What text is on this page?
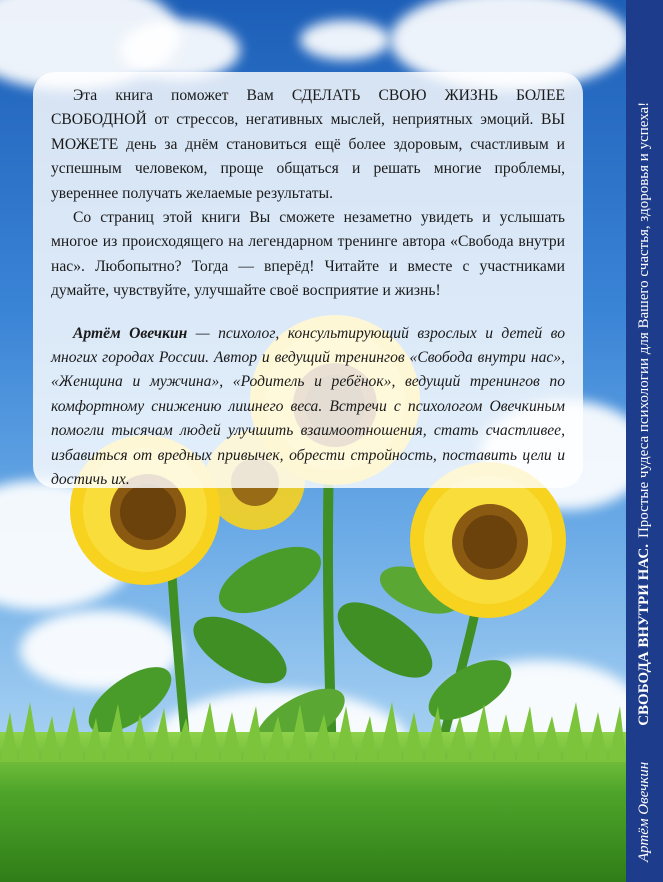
Эта книга поможет Вам СДЕЛАТЬ СВОЮ ЖИЗНЬ БОЛЕЕ СВОБОДНОЙ от стрессов, негативных мыслей, неприятных эмоций. ВЫ МОЖЕТЕ день за днём становиться ещё более здоровым, счастливым и успешным человеком, проще общаться и решать многие проблемы, увереннее получать желаемые результаты.

Со страниц этой книги Вы сможете незаметно увидеть и услышать многое из происходящего на легендарном тренинге автора «Свобода внутри нас». Любопытно? Тогда — вперёд! Читайте и вместе с участниками думайте, чувствуйте, улучшайте своё восприятие и жизнь!

Артём Овечкин — психолог, консультирующий взрослых и детей во многих городах России. Автор и ведущий тренингов «Свобода внутри нас», «Женщина и мужчина», «Родитель и ребёнок», ведущий тренингов по комфортному снижению лишнего веса. Встречи с психологом Овечкиным помогли тысячам людей улучшить взаимоотношения, стать счастливее, избавиться от вредных привычек, обрести стройность, поставить цели и достичь их.

Артём Овечкин
СВОБОДА ВНУТРИ НАС.
Простые чудеса психологии для Вашего счастья, здоровья и успеха!
